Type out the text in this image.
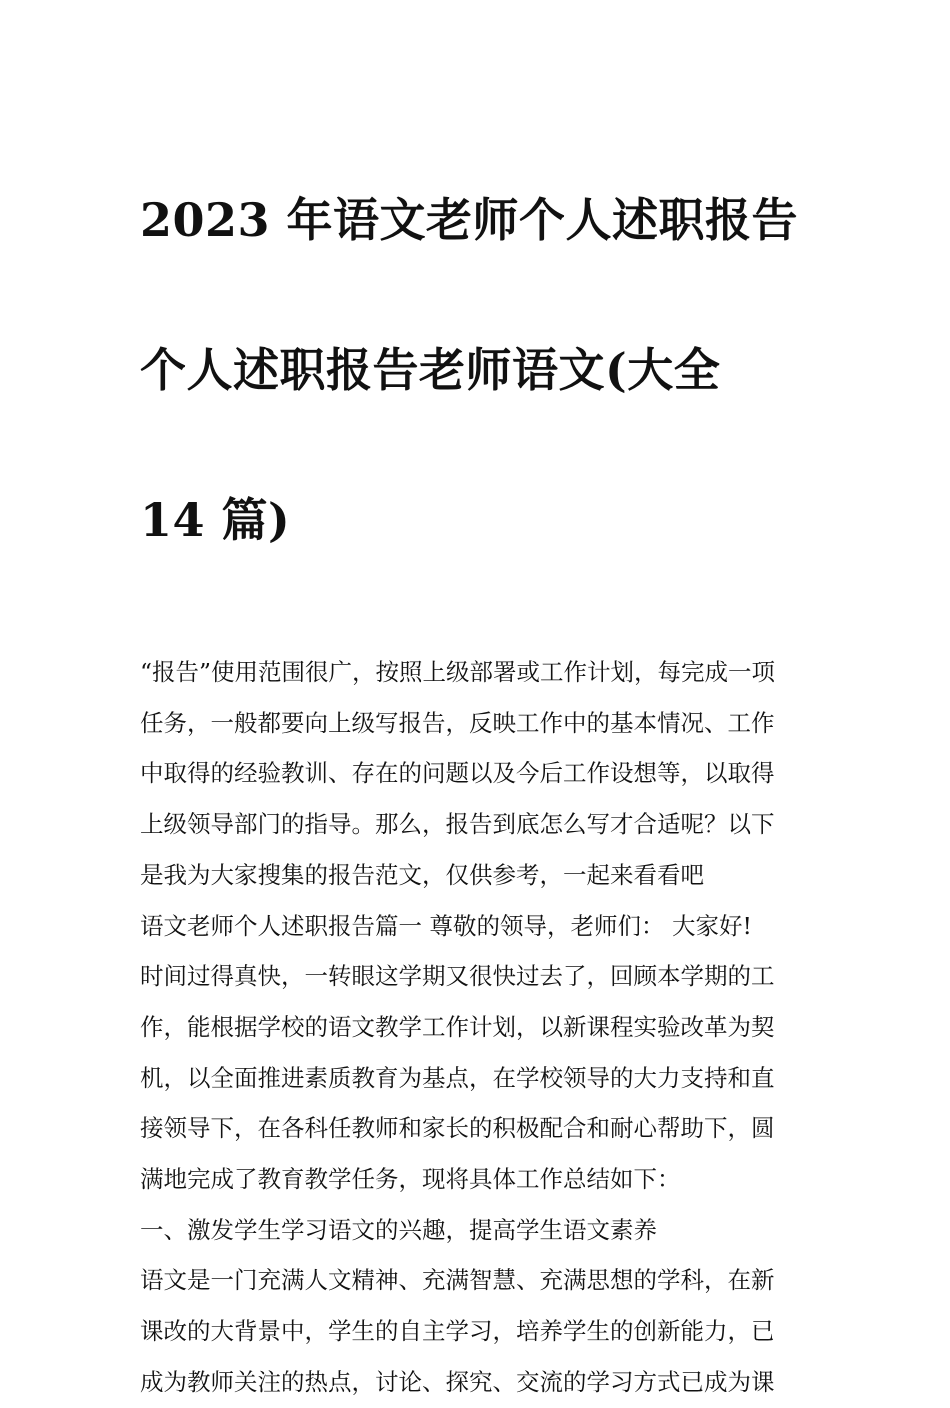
2023 年语文老师个人述职报告

个人述职报告老师语文(大全

14 篇)

“报告”使用范围很广，按照上级部署或工作计划，每完成一项
任务，一般都要向上级写报告，反映工作中的基本情况、工作
中取得的经验教训、存在的问题以及今后工作设想等，以取得
上级领导部门的指导。那么，报告到底怎么写才合适呢？以下
是我为大家搜集的报告范文，仅供参考，一起来看看吧
语文老师个人述职报告篇一 尊敬的领导，老师们： 大家好!
时间过得真快，一转眼这学期又很快过去了，回顾本学期的工
作，能根据学校的语文教学工作计划，以新课程实验改革为契
机，以全面推进素质教育为基点，在学校领导的大力支持和直
接领导下，在各科任教师和家长的积极配合和耐心帮助下，圆
满地完成了教育教学任务，现将具体工作总结如下：
一、激发学生学习语文的兴趣，提高学生语文素养
语文是一门充满人文精神、充满智慧、充满思想的学科，在新
课改的大背景中，学生的自主学习，培养学生的创新能力，已
成为教师关注的热点，讨论、探究、交流的学习方式已成为课
